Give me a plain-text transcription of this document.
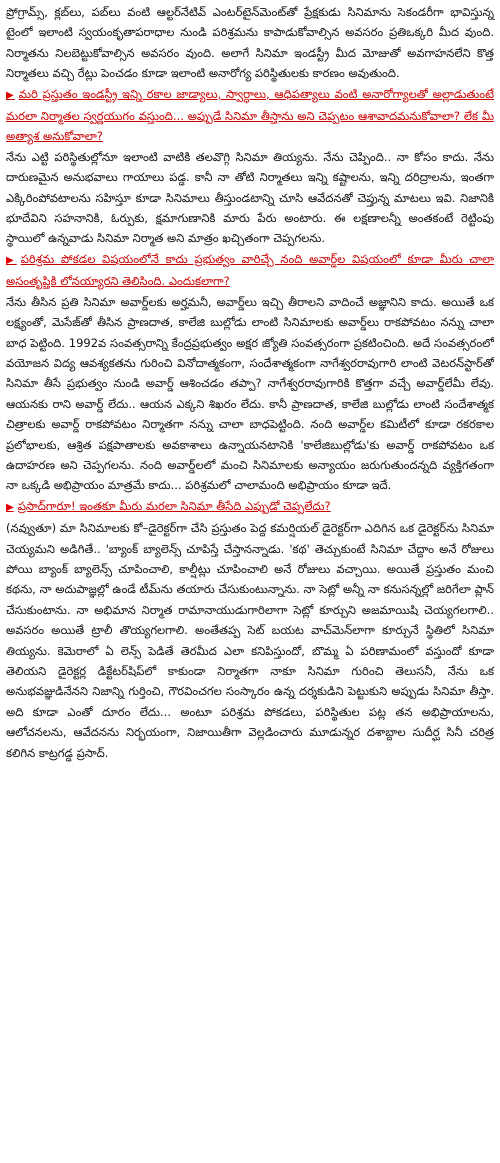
ప్రోగ్రామ్స్‌, క్లబ్‌లు, పబ్‌లు వంటి ఆల్టర్‌నేటివ్‌ ఎంటర్‌టైన్‌మెంట్‌తో ప్రేక్షకుడు సినిమాను సెకండరీగా భావిస్తున్న టైంలో ఇలాంటి స్వయంకృతాపరాధాల నుండి పరిశ్రమను కాపాడుకోవాల్సిన అవసరం ప్రతిఒక్కరి మీద వుంది. నిర్మాతను నిలబెట్టుకోవాల్సిన అవసరం వుంది. అలాగే సినిమా ఇండస్ట్రీ మీద మోజుతో అవగాహనలేని కొత్త నిర్మాతలు వచ్చి రేట్లు పెంచడం కూడా ఇలాంటి అనారోగ్య పరిస్థితులకు కారణం అవుతుంది.

▶ మరి ప్రస్తుతం ఇండస్ట్రీ ఇన్ని రకాల జాడ్యాలు, స్వార్ధాలు, ఆధిపత్యాలు వంటి అనారోగ్యాలతో అల్లాడుతుంటే మరలా నిర్మాతల స్వర్ణయుగం వస్తుంది... అప్పుడే సినిమా తీస్తాను అని చెప్పటం ఆశావాదమనుకోవాలా? లేక మీ అత్యాశ అనుకోవాలా?

నేను ఎట్టి పరిస్థితుల్లోనూ ఇలాంటి వాటికి తలవొగ్గి సినిమా తియ్యను. నేను చెప్పింది.. నా కోసం కాదు. నేను దారుణమైన అనుభవాలు గాయాలు పడ్డ. కానీ నా తోటి నిర్మాతలు ఇన్ని కష్టాలను, ఇన్ని దరిద్రాలను, ఇంతగా ఎక్కిరింపోవటాలను సహిస్తూ కూడా సినిమాలు తీస్తుండటాన్ని చూసి ఆవేదనతో చెప్తున్న మాటలు ఇవి. నిజానికి భూదేవిని సహనానికి, ఓర్పుకు, క్షమాగుణానికి మారు పేరు అంటారు. ఈ లక్షణాలన్నీ అంతకంటే రెట్టింపు స్థాయిలో ఉన్నవాడు సినిమా నిర్మాత అని మాత్రం ఖచ్చితంగా చెప్పగలను.

▶ పరిశ్రమ పోకడల విషయంలోనే కాదు ప్రభుత్వం వారిచ్చే నంది అవార్డ్‌ల విషయంలో కూడా మీరు చాలా అసంతృప్తికి లోనయ్యారని తెలిసింది. ఎందుకలాగా?

నేను తీసిన ప్రతి సినిమా అవార్డ్‌లకు అర్హమనీ, అవార్డ్‌లు ఇచ్చి తీరాలని వాదించే అజ్ఞానిని కాదు. అయితే ఒక లక్ష్యంతో, మెసేజ్‌తో తీసిన ప్రాణదాత, కాలేజి బుల్లోడు లాంటి సినిమాలకు అవార్డ్‌లు రాకపోవటం నన్ను చాలా బాధ పెట్టింది. 1992వ సంవత్సరాన్ని కేంద్రప్రభుత్వం అక్షర జ్యోతి సంవత్సరంగా ప్రకటించింది. అదే సంవత్సరంలో వయోజన విద్య ఆవశ్యకతను గురించి వినోదాత్మకంగా, సందేశాత్మకంగా నాగేశ్వరరావుగారి లాంటి వెటరన్‌స్టార్‌తో సినిమా తీసే ప్రభుత్వం నుండి అవార్డ్ ఆశించడం తప్పా? నాగేశ్వరరావుగారికి కొత్తగా వచ్చే అవార్డ్‌లేమీ లేవు. ఆయనకు రాని అవార్డ్ లేదు.. ఆయన ఎక్కని శిఖరం లేదు. కానీ ప్రాణదాత, కాలేజి బుల్లోడు లాంటి సందేశాత్మక చిత్రాలకు అవార్డ్ రాకపోవటం నిర్మాతగా నన్ను చాలా బాధపెట్టింది. నంది అవార్డ్‌ల కమిటీలో కూడా రకరకాల ప్రలోభాలకు, ఆశ్రిత పక్షపాతాలకు అవకాశాలు ఉన్నాయనటానికి 'కాలేజిబుల్లోడు'కు అవార్డ్ రాకపోవటం ఒక ఉదాహరణ అని చెప్పగలను. నంది అవార్డ్‌లలో మంచి సినిమాలకు అన్యాయం జరుగుతుందన్నది వ్యక్తిగతంగా నా ఒక్కడి అభిప్రాయం మాత్రమే కాదు... పరిశ్రమలో చాలామంది అభిప్రాయం కూడా ఇదే.

▶ ప్రసాద్‌గారూ! ఇంతకూ మీరు మరలా సినిమా తీసేది ఎప్పుడో చెప్పలేదు?

(నవ్వుతూ) మా సినిమాలకు కో–డైరెక్టర్‌గా చేసి ప్రస్తుతం పెద్ద కమర్షియల్ డైరెక్టర్‌గా ఎదిగిన ఒక డైరెక్టర్‌ను సినిమా చెయ్యమని అడిగితే.. 'బ్యాంక్ బ్యాలెన్స్ చూపిస్తే చేస్తానన్నాడు. 'కథ' తెచ్చుకుంటే సినిమా చేద్దాం అనే రోజులు పోయి బ్యాంక్ బ్యాలెన్స్ చూపించాలి, కాల్షీట్లు చూపించాలి అనే రోజులు వచ్చాయి. అయితే ప్రస్తుతం మంచి కథను, నా అదుపాజ్ఞల్లో ఉండే టీమ్‌ను తయారు చేసుకుంటున్నాను. నా సెట్లో అన్నీ నా కనుసన్నల్లో జరిగేలా ప్లాన్ చేసుకుంటాను. నా అభిమాన నిర్మాత రామానాయుడుగారిలాగా సెట్లో కూర్చుని అజమాయిషి చెయ్యగలగాలి.. అవసరం అయితే ట్రాలీ తొయ్యగలగాలి. అంతేతప్ప సెట్ బయట వాచ్‌మెన్‌లాగా కూర్చునే స్థితిలో సినిమా తియ్యను. కెమెరాలో ఏ లెన్స్ పెడితే తెరమీద ఎలా కనిపిస్తుందో, బొమ్మ ఏ పరిణామంలో వస్తుందో కూడా తెలియని డైరెక్టర్ల డిక్టేటర్‌షిప్‌లో కాకుండా నిర్మాతగా నాకూ సినిమా గురించి తెలుసనీ, నేను ఒక అనుభవజ్ఞుడినేనని నిజాన్ని గుర్తించి, గౌరవించగల సంస్కారం ఉన్న దర్శకుడిని పెట్టుకుని అప్పుడు సినిమా తీస్తా. అది కూడా ఎంతో దూరం లేదు... అంటూ పరిశ్రమ పోకడలు, పరిస్థితుల పట్ల తన అభిప్రాయాలను, ఆలోచనలను, ఆవేదనను నిర్భయంగా, నిజాయితీగా వెల్లడించారు మూడున్నర దశాబ్దాల సుదీర్ఘ సినీ చరిత్ర కలిగిన కాట్రగడ్డ ప్రసాద్.
